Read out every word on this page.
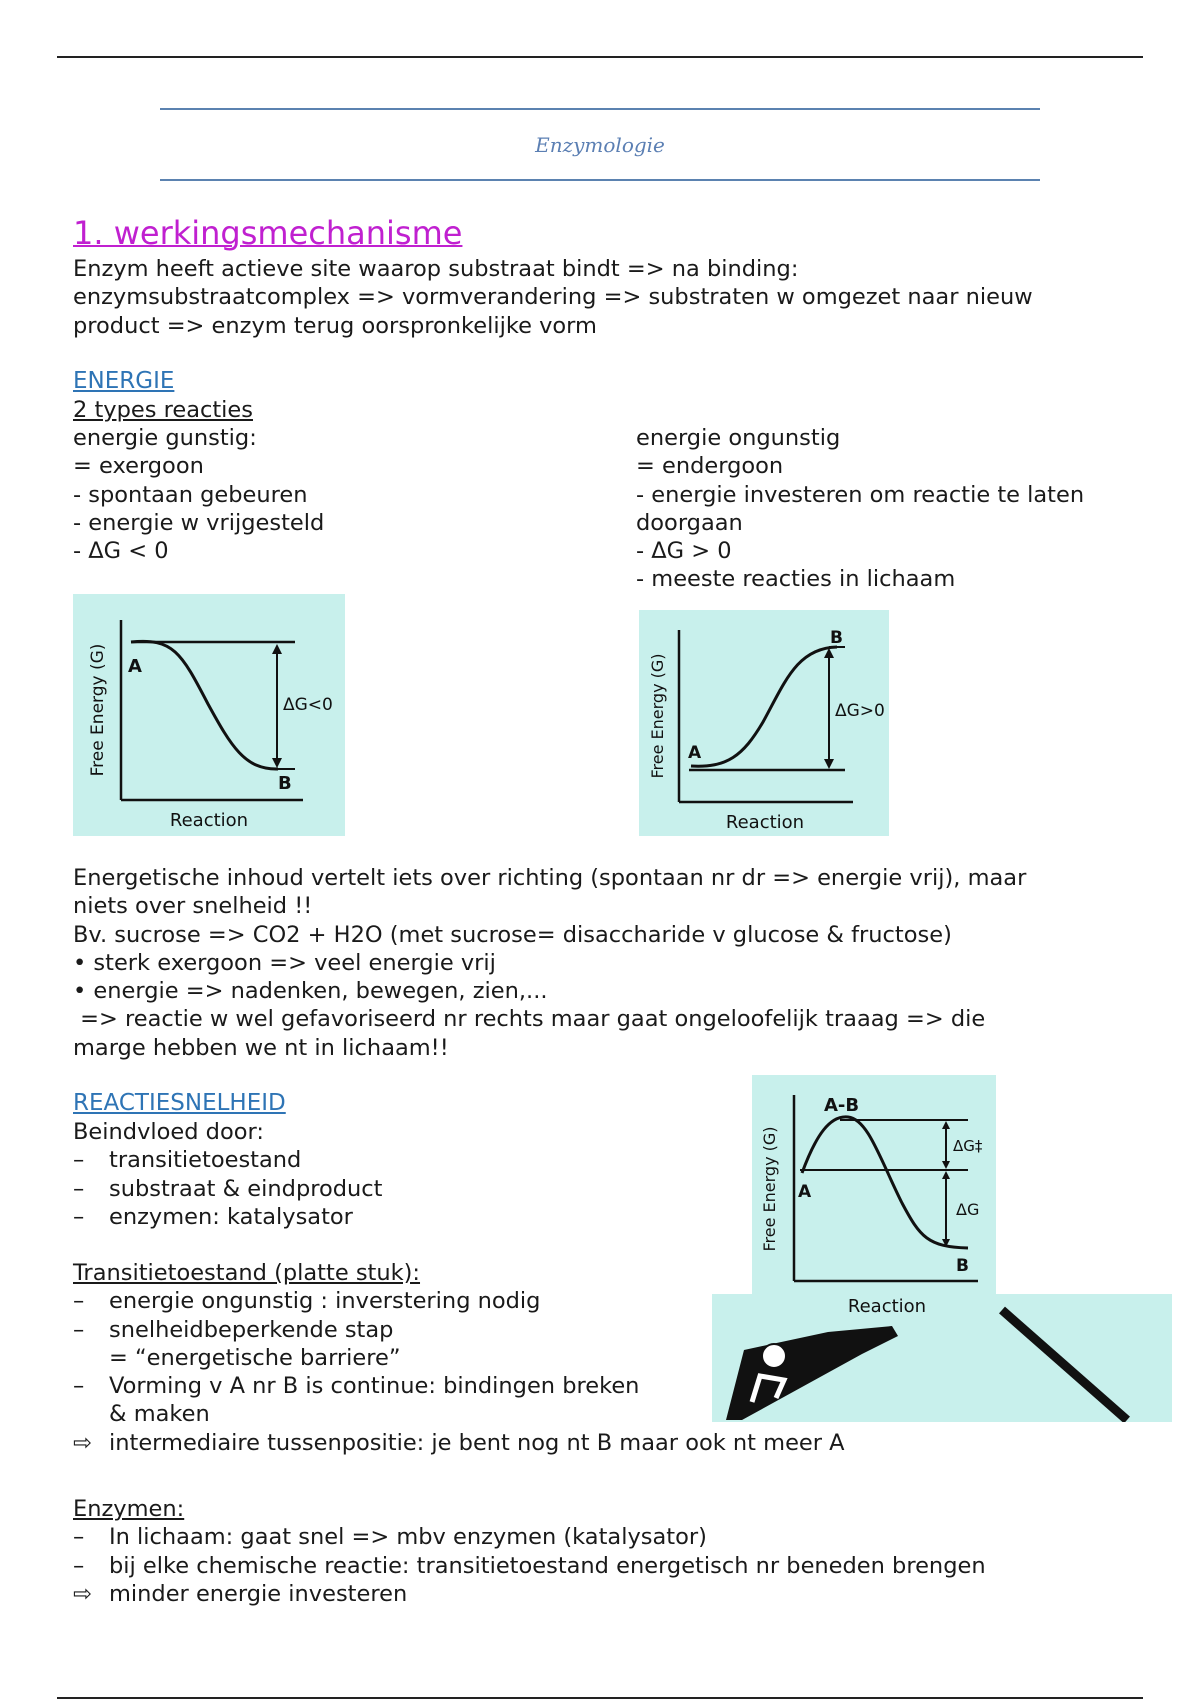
Enzymologie
1. werkingsmechanisme
Enzym heeft actieve site waarop substraat bindt => na binding:
enzymsubstraatcomplex => vormverandering => substraten w omgezet naar nieuw
product => enzym terug oorspronkelijke vorm
ENERGIE
2 types reacties
energie gunstig:
= exergoon
- spontaan gebeuren
- energie w vrijgesteld
- ΔG < 0
energie ongunstig
= endergoon
- energie investeren om reactie te laten
doorgaan
- ΔG > 0
- meeste reacties in lichaam
A
B
ΔG<0
Reaction
Free Energy (G)	A
B
ΔG>0
Reaction
Free Energy (G)
Energetische inhoud vertelt iets over richting (spontaan nr dr => energie vrij), maar
niets over snelheid !!
Bv. sucrose => CO2 + H2O (met sucrose= disaccharide v glucose & fructose)
• sterk exergoon => veel energie vrij
• energie => nadenken, bewegen, zien,...
=> reactie w wel gefavoriseerd nr rechts maar gaat ongeloofelijk traaag => die
marge hebben we nt in lichaam!!
REACTIESNELHEID
Beindvloed door:
–	transitietoestand
–	substraat & eindproduct
–	enzymen: katalysator
Transitietoestand (platte stuk):
–	energie ongunstig : inverstering nodig
–	snelheidbeperkende stap
= “energetische barriere”
–	Vorming v A nr B is continue: bindingen breken
& maken
⇨ intermediaire tussenpositie: je bent nog nt B maar ook nt meer A
A-B
A
B
ΔG‡
ΔG
Reaction
Free Energy (G)
Enzymen:
–	In lichaam: gaat snel => mbv enzymen (katalysator)
–	bij elke chemische reactie: transitietoestand energetisch nr beneden brengen
⇨ minder energie investeren
